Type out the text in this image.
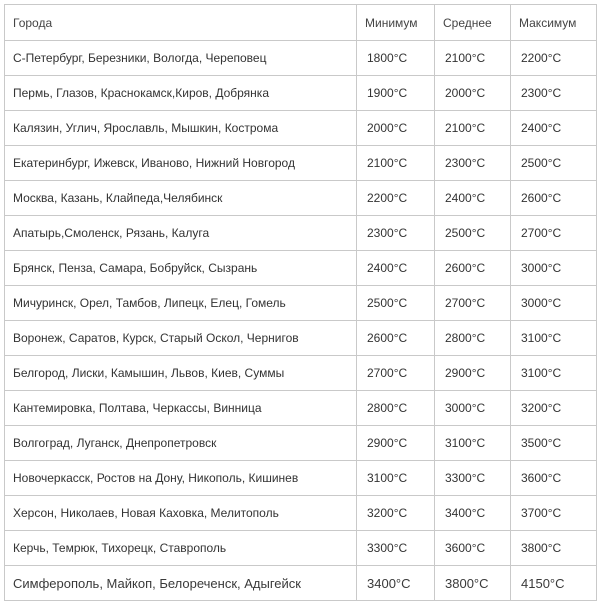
Города	Минимум	Среднее	Максимум
С-Петербург, Березники, Вологда, Череповец	1800°C	2100°C	2200°C
Пермь, Глазов, Краснокамск,Киров, Добрянка	1900°C	2000°C	2300°C
Калязин, Углич, Ярославль, Мышкин, Кострома	2000°C	2100°C	2400°C
Екатеринбург, Ижевск, Иваново, Нижний Новгород	2100°C	2300°C	2500°C
Москва, Казань, Клайпеда,Челябинск	2200°C	2400°C	2600°C
Апатырь,Смоленск, Рязань, Калуга	2300°C	2500°C	2700°C
Брянск, Пенза, Самара, Бобруйск, Сызрань	2400°C	2600°C	3000°C
Мичуринск, Орел, Тамбов, Липецк, Елец, Гомель	2500°C	2700°C	3000°C
Воронеж, Саратов, Курск, Старый Оскол, Чернигов	2600°C	2800°C	3100°C
Белгород, Лиски, Камышин, Львов, Киев, Суммы	2700°C	2900°C	3100°C
Кантемировка, Полтава, Черкассы, Винница	2800°C	3000°C	3200°C
Волгоград, Луганск, Днепропетровск	2900°C	3100°C	3500°C
Новочеркасск, Ростов на Дону, Никополь, Кишинев	3100°C	3300°C	3600°C
Херсон, Николаев, Новая Каховка, Мелитополь	3200°C	3400°C	3700°C
Керчь, Темрюк, Тихорецк, Ставрополь	3300°C	3600°C	3800°C
Симферополь, Майкоп, Белореченск, Адыгейск	3400°C	3800°C	4150°C
